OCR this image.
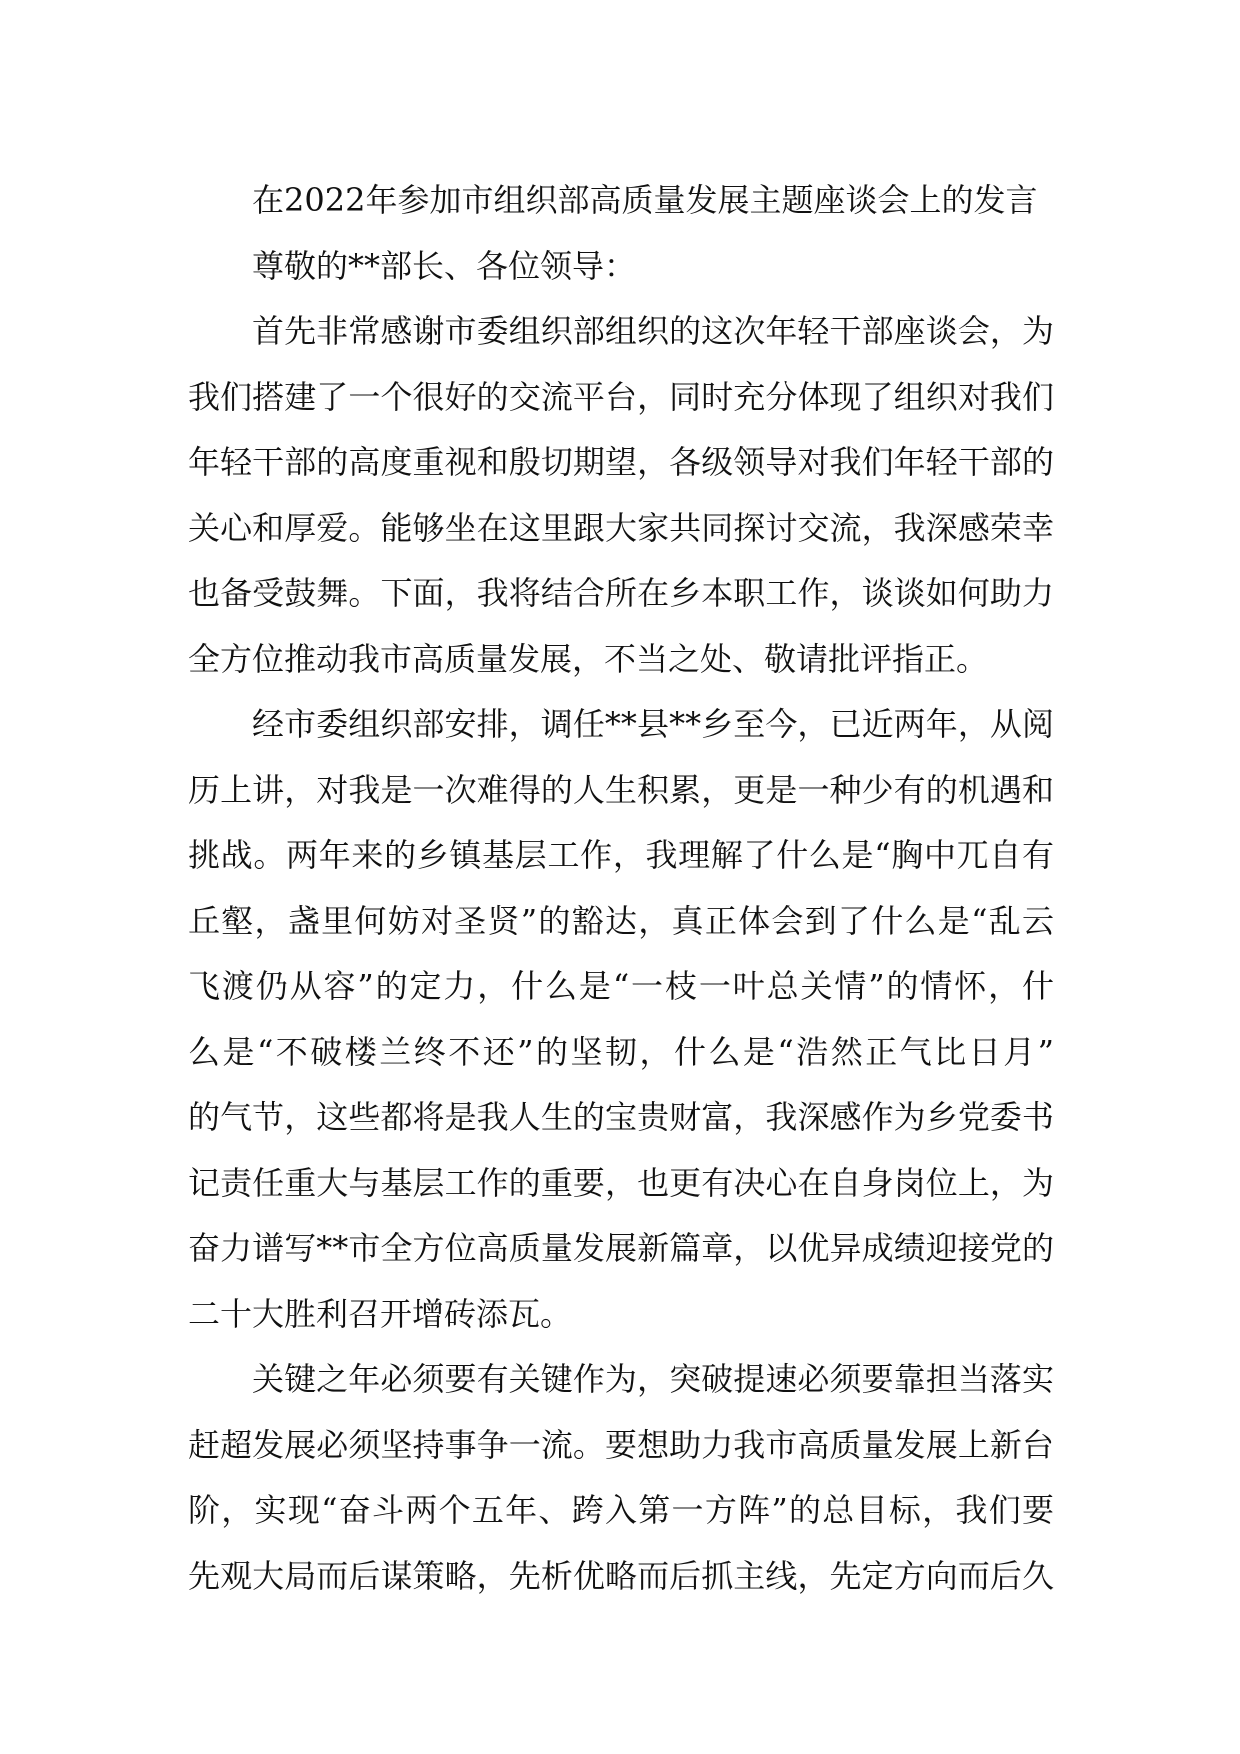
在2022年参加市组织部高质量发展主题座谈会上的发言
尊敬的**部长、各位领导：
首先非常感谢市委组织部组织的这次年轻干部座谈会，为
我们搭建了一个很好的交流平台，同时充分体现了组织对我们
年轻干部的高度重视和殷切期望，各级领导对我们年轻干部的
关心和厚爱。能够坐在这里跟大家共同探讨交流，我深感荣幸
也备受鼓舞。下面，我将结合所在乡本职工作，谈谈如何助力
全方位推动我市高质量发展，不当之处、敬请批评指正。
经市委组织部安排，调任**县**乡至今，已近两年，从阅
历上讲，对我是一次难得的人生积累，更是一种少有的机遇和
挑战。两年来的乡镇基层工作，我理解了什么是“胸中兀自有
丘壑，盏里何妨对圣贤”的豁达，真正体会到了什么是“乱云
飞渡仍从容”的定力，什么是“一枝一叶总关情”的情怀，什
么是“不破楼兰终不还”的坚韧，什么是“浩然正气比日月”
的气节，这些都将是我人生的宝贵财富，我深感作为乡党委书
记责任重大与基层工作的重要，也更有决心在自身岗位上，为
奋力谱写**市全方位高质量发展新篇章，以优异成绩迎接党的
二十大胜利召开增砖添瓦。
关键之年必须要有关键作为，突破提速必须要靠担当落实
赶超发展必须坚持事争一流。要想助力我市高质量发展上新台
阶，实现“奋斗两个五年、跨入第一方阵”的总目标，我们要
先观大局而后谋策略，先析优略而后抓主线，先定方向而后久
